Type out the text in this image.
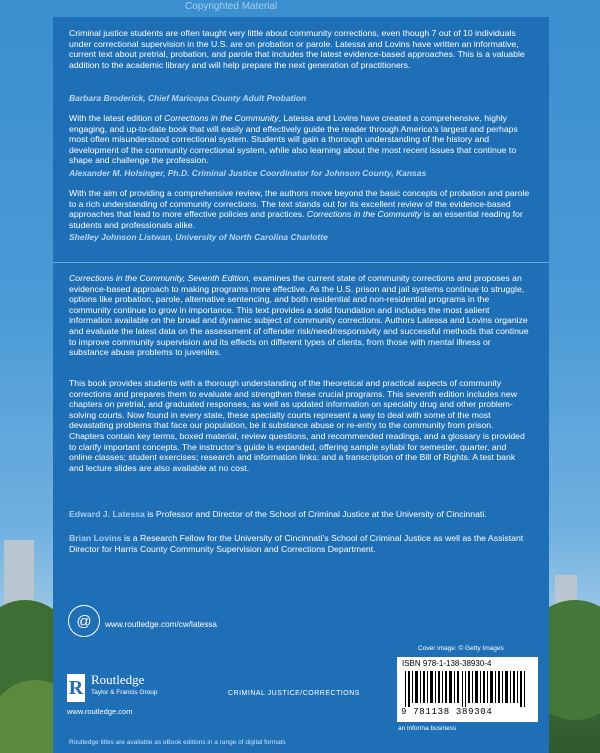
Copyrighted Material

Criminal justice students are often taught very little about community corrections, even though 7 out of 10 individuals under correctional supervision in the U.S. are on probation or parole. Latessa and Lovins have written an informative, current text about pretrial, probation, and parole that includes the latest evidence-based approaches. This is a valuable addition to the academic library and will help prepare the next generation of practitioners.

Barbara Broderick, Chief Maricopa County Adult Probation

With the latest edition of Corrections in the Community, Latessa and Lovins have created a comprehensive, highly engaging, and up-to-date book that will easily and effectively guide the reader through America’s largest and perhaps most often misunderstood correctional system. Students will gain a thorough understanding of the history and development of the community correctional system, while also learning about the most recent issues that continue to shape and challenge the profession.

Alexander M. Holsinger, Ph.D. Criminal Justice Coordinator for Johnson County, Kansas

With the aim of providing a comprehensive review, the authors move beyond the basic concepts of probation and parole to a rich understanding of community corrections. The text stands out for its excellent review of the evidence-based approaches that lead to more effective policies and practices. Corrections in the Community is an essential reading for students and professionals alike.

Shelley Johnson Listwan, University of North Carolina Charlotte

Corrections in the Community, Seventh Edition, examines the current state of community corrections and proposes an evidence-based approach to making programs more effective. As the U.S. prison and jail systems continue to struggle, options like probation, parole, alternative sentencing, and both residential and non-residential programs in the community continue to grow in importance. This text provides a solid foundation and includes the most salient information available on the broad and dynamic subject of community corrections. Authors Latessa and Lovins organize and evaluate the latest data on the assessment of offender risk/need/responsivity and successful methods that continue to improve community supervision and its effects on different types of clients, from those with mental illness or substance abuse problems to juveniles.

This book provides students with a thorough understanding of the theoretical and practical aspects of community corrections and prepares them to evaluate and strengthen these crucial programs. This seventh edition includes new chapters on pretrial, and graduated responses, as well as updated information on specialty drug and other problem-solving courts. Now found in every state, these specialty courts represent a way to deal with some of the most devastating problems that face our population, be it substance abuse or re-entry to the community from prison. Chapters contain key terms, boxed material, review questions, and recommended readings, and a glossary is provided to clarify important concepts. The instructor’s guide is expanded, offering sample syllabi for semester, quarter, and online classes; student exercises; research and information links; and a transcription of the Bill of Rights. A test bank and lecture slides are also available at no cost.

Edward J. Latessa is Professor and Director of the School of Criminal Justice at the University of Cincinnati.

Brian Lovins is a Research Fellow for the University of Cincinnati’s School of Criminal Justice as well as the Assistant Director for Harris County Community Supervision and Corrections Department.

@	www.routledge.com/cw/latessa
R Routledge
Taylor & Francis Group
www.routledge.com
CRIMINAL JUSTICE/CORRECTIONS
Cover image: © Getty Images
ISBN 978-1-138-38930-4
9 781138 389304
an informa business
Routledge titles are available as eBook editions in a range of digital formats
